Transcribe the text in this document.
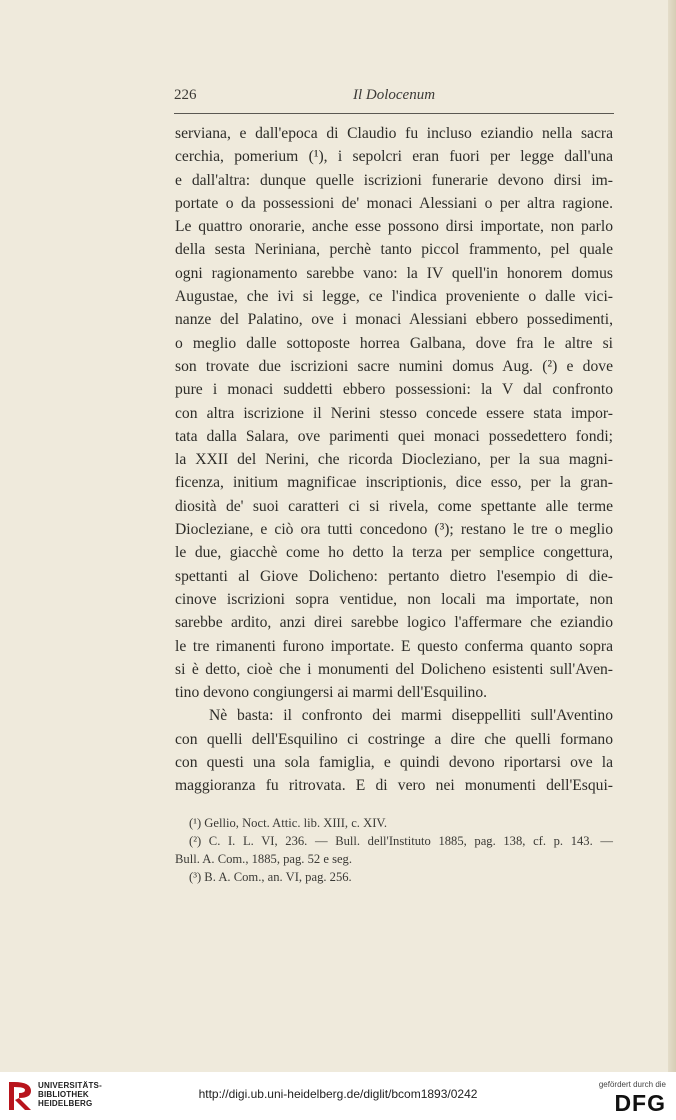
226	Il Dolocenum
serviana, e dall'epoca di Claudio fu incluso eziandio nella sacra
cerchia, pomerium (¹), i sepolcri eran fuori per legge dall'una
e dall'altra: dunque quelle iscrizioni funerarie devono dirsi im-
portate o da possessioni de' monaci Alessiani o per altra ragione.
Le quattro onorarie, anche esse possono dirsi importate, non parlo
della sesta Neriniana, perchè tanto piccol frammento, pel quale
ogni ragionamento sarebbe vano: la IV quell'in honorem domus
Augustae, che ivi si legge, ce l'indica proveniente o dalle vici-
nanze del Palatino, ove i monaci Alessiani ebbero possedimenti,
o meglio dalle sottoposte horrea Galbana, dove fra le altre si
son trovate due iscrizioni sacre numini domus Aug. (²) e dove
pure i monaci suddetti ebbero possessioni: la V dal confronto
con altra iscrizione il Nerini stesso concede essere stata impor-
tata dalla Salara, ove parimenti quei monaci possedettero fondi;
la XXII del Nerini, che ricorda Diocleziano, per la sua magni-
ficenza, initium magnificae inscriptionis, dice esso, per la gran-
diosità de' suoi caratteri ci si rivela, come spettante alle terme
Diocleziane, e ciò ora tutti concedono (³); restano le tre o meglio
le due, giacchè come ho detto la terza per semplice congettura,
spettanti al Giove Dolicheno: pertanto dietro l'esempio di die-
cinove iscrizioni sopra ventidue, non locali ma importate, non
sarebbe ardito, anzi direi sarebbe logico l'affermare che eziandio
le tre rimanenti furono importate. E questo conferma quanto sopra
si è detto, cioè che i monumenti del Dolicheno esistenti sull'Aven-
tino devono congiungersi ai marmi dell'Esquilino.
Nè basta: il confronto dei marmi diseppelliti sull'Aventino
con quelli dell'Esquilino ci costringe a dire che quelli formano
con questi una sola famiglia, e quindi devono riportarsi ove la
maggioranza fu ritrovata. E di vero nei monumenti dell'Esqui-
(¹) Gellio, Noct. Attic. lib. XIII, c. XIV.
(²) C. I. L. VI, 236. — Bull. dell'Instituto 1885, pag. 138, cf. p. 143. —
Bull. A. Com., 1885, pag. 52 e seg.
(³) B. A. Com., an. VI, pag. 256.
UNIVERSITÄTS-
BIBLIOTHEK
HEIDELBERG
http://digi.ub.uni-heidelberg.de/diglit/bcom1893/0242
gefördert durch die
DFG
